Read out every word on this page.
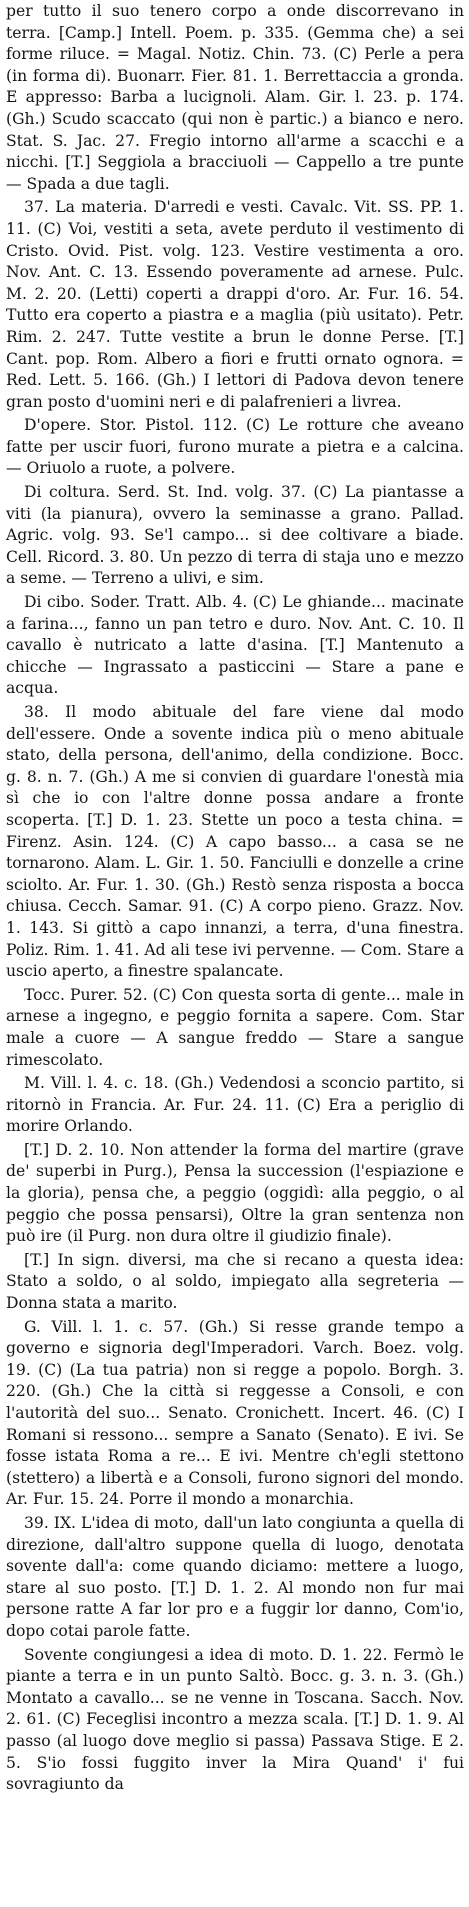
per tutto il suo tenero corpo a onde discorrevano in terra. [Camp.] Intell. Poem. p. 335. (Gemma che) a sei forme riluce. = Magal. Notiz. Chin. 73. (C) Perle a pera (in forma di). Buonarr. Fier. 81. 1. Berrettaccia a gronda. E appresso: Barba a lucignoli. Alam. Gir. l. 23. p. 174. (Gh.) Scudo scaccato (qui non è partic.) a bianco e nero. Stat. S. Jac. 27. Fregio intorno all'arme a scacchi e a nicchi. [T.] Seggiola a bracciuoli — Cappello a tre punte — Spada a due tagli.

37. La materia. D'arredi e vesti. Cavalc. Vit. SS. PP. 1. 11. (C) Voi, vestiti a seta, avete perduto il vestimento di Cristo. Ovid. Pist. volg. 123. Vestire vestimenta a oro. Nov. Ant. C. 13. Essendo poveramente ad arnese. Pulc. M. 2. 20. (Letti) coperti a drappi d'oro. Ar. Fur. 16. 54. Tutto era coperto a piastra e a maglia (più usitato). Petr. Rim. 2. 247. Tutte vestite a brun le donne Perse. [T.] Cant. pop. Rom. Albero a fiori e frutti ornato ognora. = Red. Lett. 5. 166. (Gh.) I lettori di Padova devon tenere gran posto d'uomini neri e di palafrenieri a livrea.

D'opere. Stor. Pistol. 112. (C) Le rotture che aveano fatte per uscir fuori, furono murate a pietra e a calcina. — Oriuolo a ruote, a polvere.

Di coltura. Serd. St. Ind. volg. 37. (C) La piantasse a viti (la pianura), ovvero la seminasse a grano. Pallad. Agric. volg. 93. Se'l campo... si dee coltivare a biade. Cell. Ricord. 3. 80. Un pezzo di terra di staja uno e mezzo a seme. — Terreno a ulivi, e sim.

Di cibo. Soder. Tratt. Alb. 4. (C) Le ghiande... macinate a farina..., fanno un pan tetro e duro. Nov. Ant. C. 10. Il cavallo è nutricato a latte d'asina. [T.] Mantenuto a chicche — Ingrassato a pasticcini — Stare a pane e acqua.

38. Il modo abituale del fare viene dal modo dell'essere. Onde a sovente indica più o meno abituale stato, della persona, dell'animo, della condizione. Bocc. g. 8. n. 7. (Gh.) A me si convien di guardare l'onestà mia sì che io con l'altre donne possa andare a fronte scoperta. [T.] D. 1. 23. Stette un poco a testa china. = Firenz. Asin. 124. (C) A capo basso... a casa se ne tornarono. Alam. L. Gir. 1. 50. Fanciulli e donzelle a crine sciolto. Ar. Fur. 1. 30. (Gh.) Restò senza risposta a bocca chiusa. Cecch. Samar. 91. (C) A corpo pieno. Grazz. Nov. 1. 143. Si gittò a capo innanzi, a terra, d'una finestra. Poliz. Rim. 1. 41. Ad ali tese ivi pervenne. — Com. Stare a uscio aperto, a finestre spalancate.

Tocc. Purer. 52. (C) Con questa sorta di gente... male in arnese a ingegno, e peggio fornita a sapere. Com. Star male a cuore — A sangue freddo — Stare a sangue rimescolato.

M. Vill. l. 4. c. 18. (Gh.) Vedendosi a sconcio partito, si ritornò in Francia. Ar. Fur. 24. 11. (C) Era a periglio di morire Orlando.

[T.] D. 2. 10. Non attender la forma del martire (grave de' superbi in Purg.), Pensa la succession (l'espiazione e la gloria), pensa che, a peggio (oggidì: alla peggio, o al peggio che possa pensarsi), Oltre la gran sentenza non può ire (il Purg. non dura oltre il giudizio finale).

[T.] In sign. diversi, ma che si recano a questa idea: Stato a soldo, o al soldo, impiegato alla segreteria — Donna stata a marito.

G. Vill. l. 1. c. 57. (Gh.) Si resse grande tempo a governo e signoria degl'Imperadori. Varch. Boez. volg. 19. (C) (La tua patria) non si regge a popolo. Borgh. 3. 220. (Gh.) Che la città si reggesse a Consoli, e con l'autorità del suo... Senato. Cronichett. Incert. 46. (C) I Romani si ressono... sempre a Sanato (Senato). E ivi. Se fosse istata Roma a re... E ivi. Mentre ch'egli stettono (stettero) a libertà e a Consoli, furono signori del mondo. Ar. Fur. 15. 24. Porre il mondo a monarchia.

39. IX. L'idea di moto, dall'un lato congiunta a quella di direzione, dall'altro suppone quella di luogo, denotata sovente dall'a: come quando diciamo: mettere a luogo, stare al suo posto. [T.] D. 1. 2. Al mondo non fur mai persone ratte A far lor pro e a fuggir lor danno, Com'io, dopo cotai parole fatte.

Sovente congiungesi a idea di moto. D. 1. 22. Fermò le piante a terra e in un punto Saltò. Bocc. g. 3. n. 3. (Gh.) Montato a cavallo... se ne venne in Toscana. Sacch. Nov. 2. 61. (C) Feceglisi incontro a mezza scala. [T.] D. 1. 9. Al passo (al luogo dove meglio si passa) Passava Stige. E 2. 5. S'io fossi fuggito inver la Mira Quand' i' fui sovragiunto da
